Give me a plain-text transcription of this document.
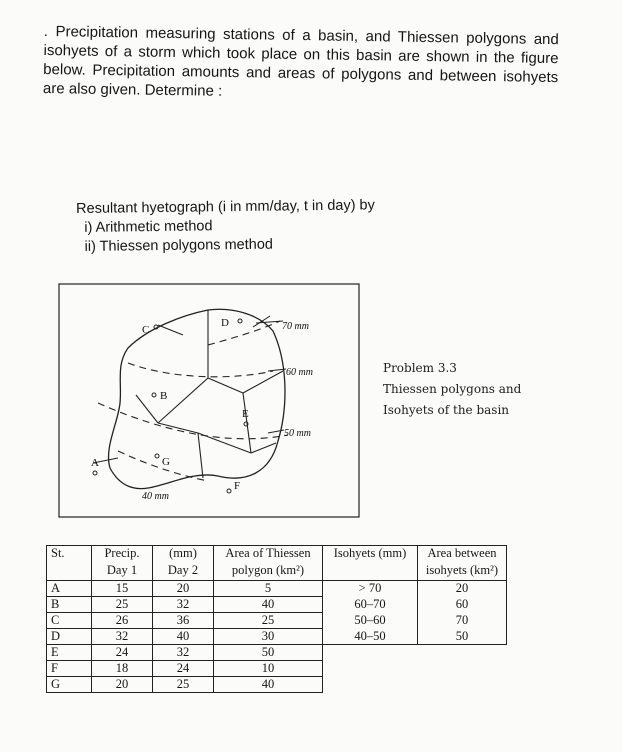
. Precipitation measuring stations of a basin, and Thiessen polygons and isohyets of a storm which took place on this basin are shown in the figure below. Precipitation amounts and areas of polygons and between isohyets are also given. Determine :
Resultant hyetograph (i in mm/day, t in day) by
i) Arithmetic method
ii) Thiessen polygons method
A
B
C
D
E
F
G
70 mm
60 mm
50 mm
40 mm
Problem 3.3
Thiessen polygons and
Isohyets of the basin
St.	Precip.	(mm)	Area of Thiessen	Isohyets (mm)	Area between
	Day 1	Day 2	polygon (km²)		isohyets (km²)
A	15	20	5	> 70	20
B	25	32	40	60–70	60
C	26	36	25	50–60	70
D	32	40	30	40–50	50
E	24	32	50		
F	18	24	10		
G	20	25	40		
